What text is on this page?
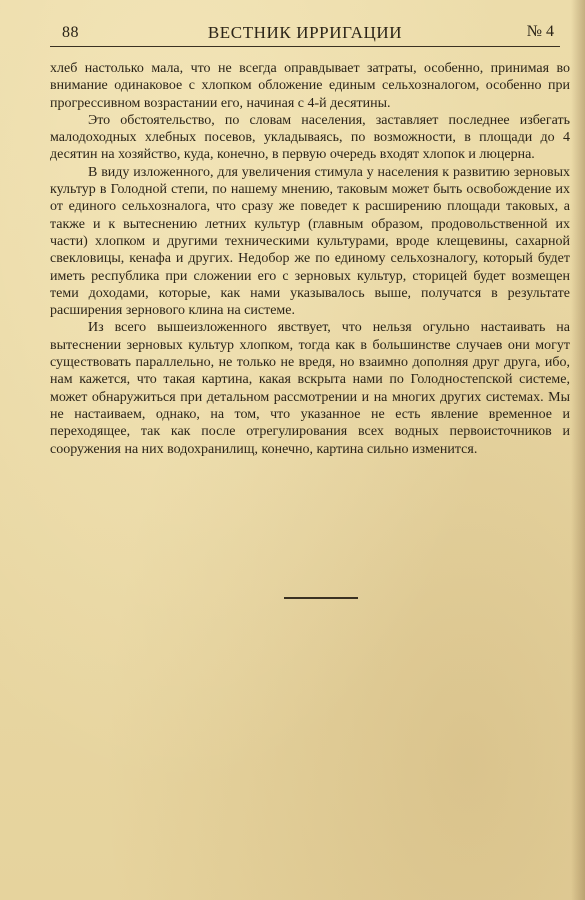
88	ВЕСТНИК ИРРИГАЦИИ	№ 4

хлеб настолько мала, что не всегда оправдывает затраты, особенно, принимая во внимание одинаковое с хлопком обложение единым сельхозналогом, особенно при прогрессивном возрастании его, начиная с 4-й десятины.

Это обстоятельство, по словам населения, заставляет последнее избегать малодоходных хлебных посевов, укладываясь, по возможности, в площади до 4 десятин на хозяйство, куда, конечно, в первую очередь входят хлопок и люцерна.

В виду изложенного, для увеличения стимула у населения к развитию зерновых культур в Голодной степи, по нашему мнению, таковым может быть освобождение их от единого сельхозналога, что сразу же поведет к расширению площади таковых, а также и к вытеснению летних культур (главным образом, продовольственной их части) хлопком и другими техническими культурами, вроде клещевины, сахарной свекловицы, кенафа и других. Недобор же по единому сельхозналогу, который будет иметь республика при сложении его с зерновых культур, сторицей будет возмещен теми доходами, которые, как нами указывалось выше, получатся в результате расширения зернового клина на системе.

Из всего вышеизложенного явствует, что нельзя огульно настаивать на вытеснении зерновых культур хлопком, тогда как в большинстве случаев они могут существовать параллельно, не только не вредя, но взаимно дополняя друг друга, ибо, нам кажется, что такая картина, какая вскрыта нами по Голодностепской системе, может обнаружиться при детальном рассмотрении и на многих других системах. Мы не настаиваем, однако, на том, что указанное не есть явление временное и переходящее, так как после отрегулирования всех водных первоисточников и сооружения на них водохранилищ, конечно, картина сильно изменится.
